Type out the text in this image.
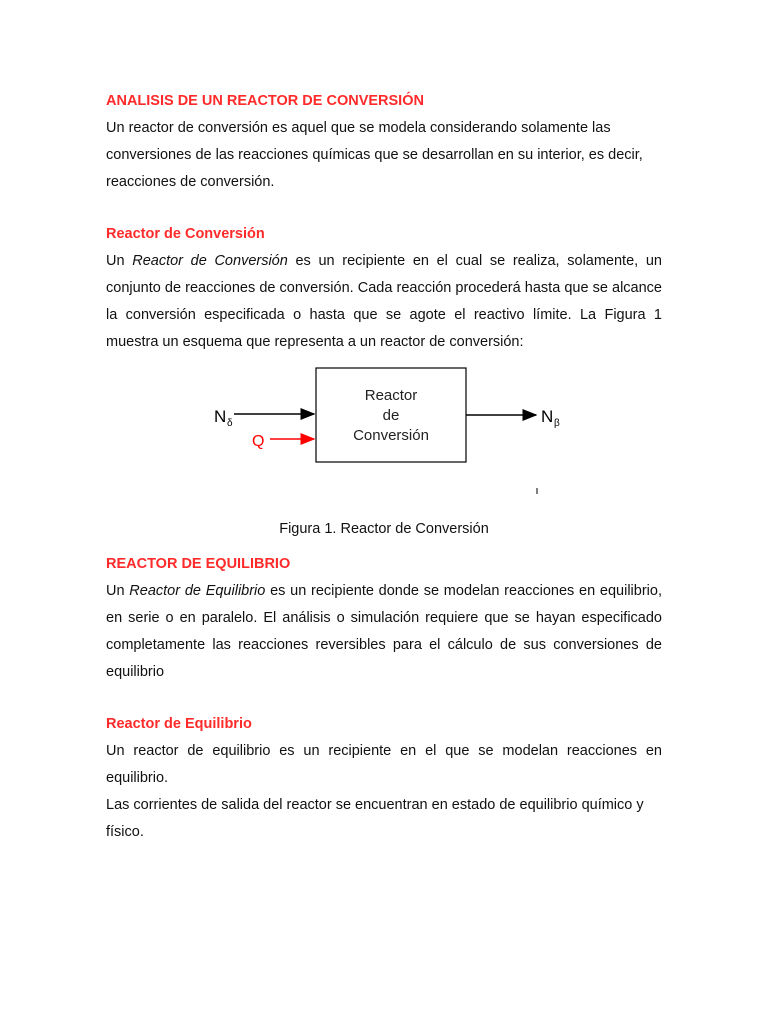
ANALISIS DE UN REACTOR DE CONVERSIÓN

Un reactor de conversión es aquel que se modela considerando solamente las

conversiones de las reacciones químicas que se desarrollan en su interior, es decir,

reacciones de conversión.

Reactor de Conversión

Un Reactor de Conversión es un recipiente en el cual se realiza, solamente, un conjunto de reacciones de conversión. Cada reacción procederá hasta que se alcance la conversión especificada o hasta que se agote el reactivo límite. La Figura 1 muestra un esquema que representa a un reactor de conversión:

Reactor
de
Conversión
N δ
Q
N β
Figura 1. Reactor de Conversión
REACTOR DE EQUILIBRIO

Un Reactor de Equilibrio es un recipiente donde se modelan reacciones en equilibrio, en serie o en paralelo. El análisis o simulación requiere que se hayan especificado completamente las reacciones reversibles para el cálculo de sus conversiones de equilibrio

Reactor de Equilibrio

Un reactor de equilibrio es un recipiente en el que se modelan reacciones en equilibrio.

Las corrientes de salida del reactor se encuentran en estado de equilibrio químico y físico.
